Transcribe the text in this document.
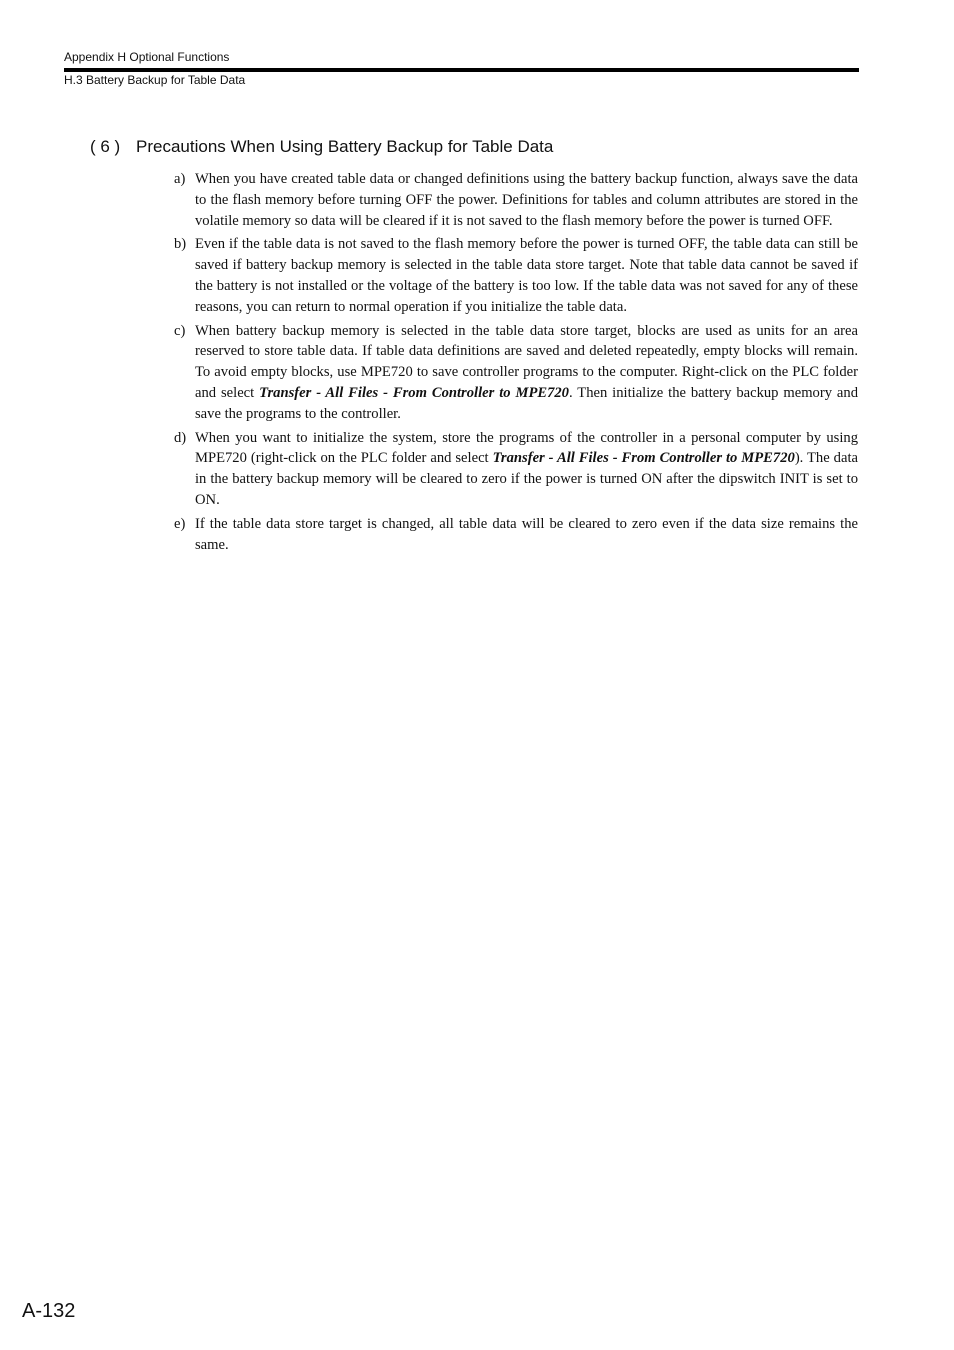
Appendix H Optional Functions
H.3 Battery Backup for Table Data
( 6 ) Precautions When Using Battery Backup for Table Data
a) When you have created table data or changed definitions using the battery backup function, always save the data to the flash memory before turning OFF the power. Definitions for tables and column attributes are stored in the volatile memory so data will be cleared if it is not saved to the flash memory before the power is turned OFF.
b) Even if the table data is not saved to the flash memory before the power is turned OFF, the table data can still be saved if battery backup memory is selected in the table data store target. Note that table data cannot be saved if the battery is not installed or the voltage of the battery is too low. If the table data was not saved for any of these reasons, you can return to normal operation if you initialize the table data.
c) When battery backup memory is selected in the table data store target, blocks are used as units for an area reserved to store table data. If table data definitions are saved and deleted repeatedly, empty blocks will remain. To avoid empty blocks, use MPE720 to save controller programs to the computer. Right-click on the PLC folder and select Transfer - All Files - From Controller to MPE720. Then initialize the battery backup memory and save the programs to the controller.
d) When you want to initialize the system, store the programs of the controller in a personal computer by using MPE720 (right-click on the PLC folder and select Transfer - All Files - From Controller to MPE720). The data in the battery backup memory will be cleared to zero if the power is turned ON after the dipswitch INIT is set to ON.
e) If the table data store target is changed, all table data will be cleared to zero even if the data size remains the same.
A-132
